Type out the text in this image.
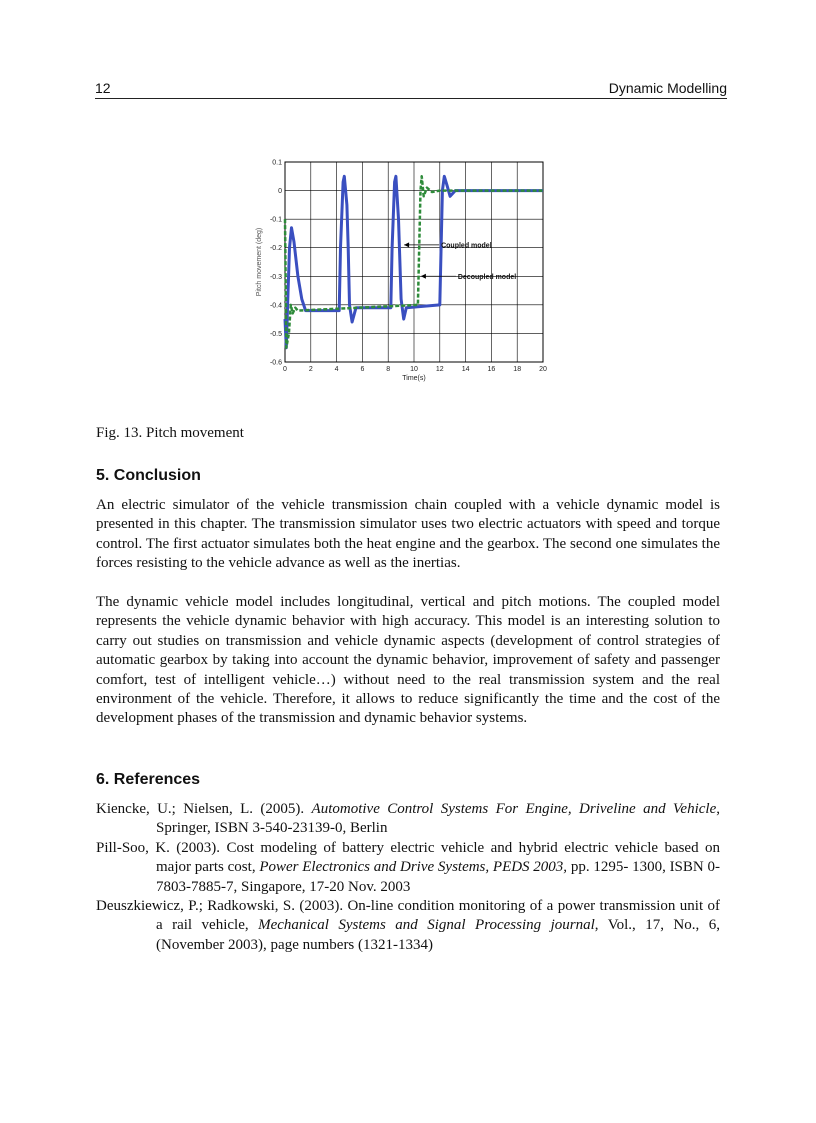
12	Dynamic Modelling
0	2	4	6	8	10	12	14	16	18	20
0.1
0
-0.1
-0.2
-0.3
-0.4
-0.5
-0.6
Time(s)
Pitch movement (deg)	Coupled model
Decoupled model
Fig. 13. Pitch movement
5. Conclusion

An electric simulator of the vehicle transmission chain coupled with a vehicle dynamic model is presented in this chapter. The transmission simulator uses two electric actuators with speed and torque control. The first actuator simulates both the heat engine and the gearbox. The second one simulates the forces resisting to the vehicle advance as well as the inertias.

The dynamic vehicle model includes longitudinal, vertical and pitch motions. The coupled model represents the vehicle dynamic behavior with high accuracy. This model is an interesting solution to carry out studies on transmission and vehicle dynamic aspects (development of control strategies of automatic gearbox by taking into account the dynamic behavior, improvement of safety and passenger comfort, test of intelligent vehicle…) without need to the real transmission system and the real environment of the vehicle. Therefore, it allows to reduce significantly the time and the cost of the development phases of the transmission and dynamic behavior systems.

6. References

Kiencke, U.; Nielsen, L. (2005). Automotive Control Systems For Engine, Driveline and Vehicle, Springer, ISBN 3-540-23139-0, Berlin

Pill-Soo, K. (2003). Cost modeling of battery electric vehicle and hybrid electric vehicle based on major parts cost, Power Electronics and Drive Systems, PEDS 2003, pp. 1295- 1300, ISBN 0-7803-7885-7, Singapore, 17-20 Nov. 2003

Deuszkiewicz, P.; Radkowski, S. (2003). On-line condition monitoring of a power transmission unit of a rail vehicle, Mechanical Systems and Signal Processing journal, Vol., 17, No., 6, (November 2003), page numbers (1321-1334)
